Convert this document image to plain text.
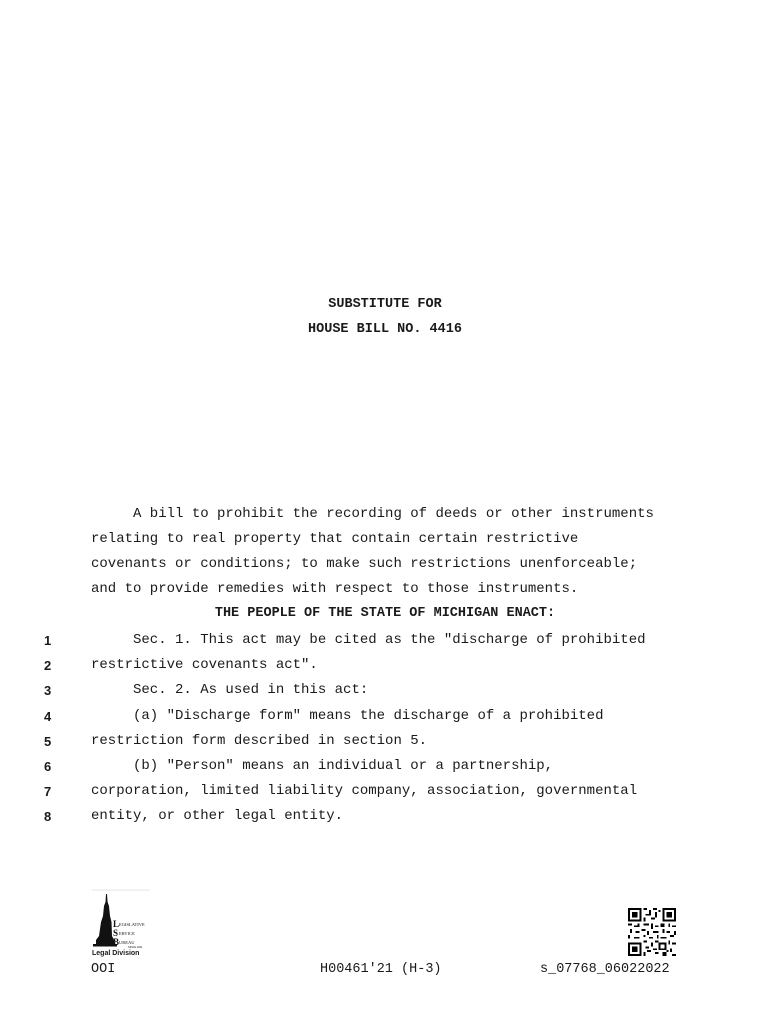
SUBSTITUTE FOR
HOUSE BILL NO. 4416
A bill to prohibit the recording of deeds or other instruments
relating to real property that contain certain restrictive
covenants or conditions; to make such restrictions unenforceable;
and to provide remedies with respect to those instruments.
THE PEOPLE OF THE STATE OF MICHIGAN ENACT:
1	Sec. 1. This act may be cited as the "discharge of prohibited
2	restrictive covenants act".
3	Sec. 2. As used in this act:
4	(a) "Discharge form" means the discharge of a prohibited
5	restriction form described in section 5.
6	(b) "Person" means an individual or a partnership,
7	corporation, limited liability company, association, governmental
8	entity, or other legal entity.
L
S
B
EGISLATIVE
ERVICE
UREAU
SINCE 1941
Legal Division
OOI	H00461'21 (H-3)	s_07768_06022022
